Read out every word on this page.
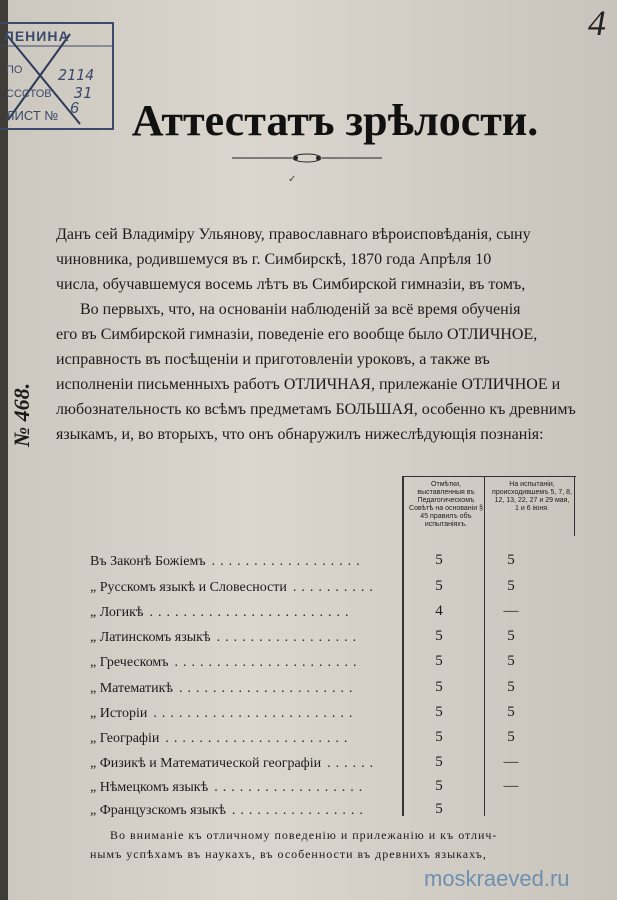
ЛЕНИНА
ПО
СССТОВ
ЛИСТ №
2114
31
6
4
Аттестатъ зрѣлости.
✓
№ 468.
Данъ сей Владиміру Ульянову, православнаго вѣроисповѣданія, сыну
чиновника, родившемуся въ г. Симбирскѣ, 1870 года Апрѣля 10
числа, обучавшемуся восемь лѣтъ въ Симбирской гимназіи, въ томъ,
Во первыхъ, что, на основаніи наблюденій за всё время обученія
его въ Симбирской гимназіи, поведеніе его вообще было ОТЛИЧНОЕ,
исправность въ посѣщеніи и приготовленіи уроковъ, а также въ
исполненіи письменныхъ работъ ОТЛИЧНАЯ, прилежаніе ОТЛИЧНОЕ и
любознательность ко всѣмъ предметамъ БОЛЬШАЯ, особенно къ древнимъ
языкамъ, и, во вторыхъ, что онъ обнаружилъ нижеслѣдующія познанія:
Отмѣтки, выставленныя въ Педагогическомъ Совѣтѣ на основаніи § 45 правилъ объ испытаніяхъ.
На испытаніи, происходившемъ 5, 7, 8, 12, 13, 22, 27 и 29 мая, 1 и 6 іюня.
Въ Законѣ Божіемъ ..................	5	5
„ Русскомъ языкѣ и Словесности ..........	5	5
„ Логикѣ ........................	4	—
„ Латинскомъ языкѣ .................	5	5
„ Греческомъ ......................	5	5
„ Математикѣ .....................	5	5
„ Исторіи ........................	5	5
„ Географіи ......................	5	5
„ Физикѣ и Математической географіи ......	5	—
„ Нѣмецкомъ языкѣ ..................	5	—
„ Французскомъ языкѣ ................	5
Во вниманіе къ отличному поведенію и прилежанію и къ отлич-
нымъ успѣхамъ въ наукахъ, въ особенности въ древнихъ языкахъ,
moskraeved.ru
